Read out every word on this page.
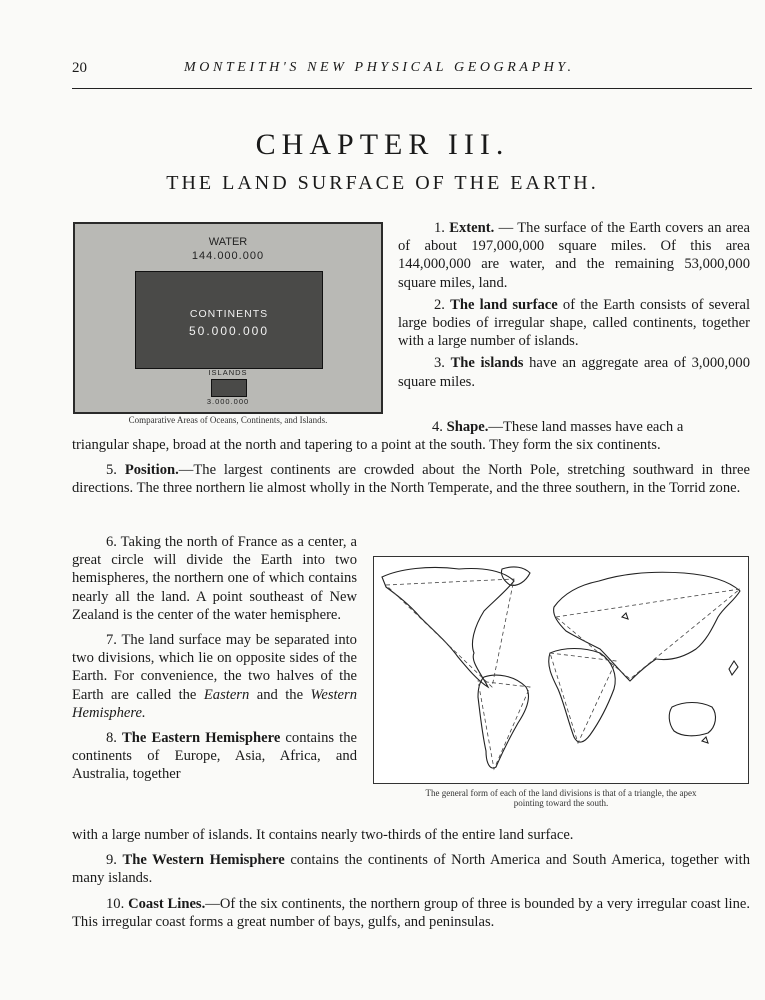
20	MONTEITH'S NEW PHYSICAL GEOGRAPHY.
CHAPTER III.
THE LAND SURFACE OF THE EARTH.
WATER
144.000.000
CONTINENTS
50.000.000
ISLANDS
3.000.000
Comparative Areas of Oceans, Continents, and Islands.

1. Extent. — The surface of the Earth covers an area of about 197,000,000 square miles. Of this area 144,000,000 are water, and the remaining 53,000,000 square miles, land.

2. The land surface of the Earth consists of several large bodies of irregular shape, called continents, together with a large number of islands.

3. The islands have an aggregate area of 3,000,000 square miles.

4. Shape.—These land masses have each a

triangular shape, broad at the north and tapering to a point at the south. They form the six continents.

5. Position.—The largest continents are crowded about the North Pole, stretching southward in three directions. The three northern lie almost wholly in the North Temperate, and the three southern, in the Torrid zone.

6. Taking the north of France as a center, a great circle will divide the Earth into two hemispheres, the northern one of which contains nearly all the land. A point southeast of New Zealand is the center of the water hemisphere.

7. The land surface may be separated into two divisions, which lie on opposite sides of the Earth. For convenience, the two halves of the Earth are called the Eastern and the Western Hemisphere.

8. The Eastern Hemisphere contains the continents of Europe, Asia, Africa, and Australia, together

The general form of each of the land divisions is that of a triangle, the apex
pointing toward the south.

with a large number of islands. It contains nearly two-thirds of the entire land surface.

9. The Western Hemisphere contains the continents of North America and South America, together with many islands.

10. Coast Lines.—Of the six continents, the northern group of three is bounded by a very irregular coast line. This irregular coast forms a great number of bays, gulfs, and peninsulas.
